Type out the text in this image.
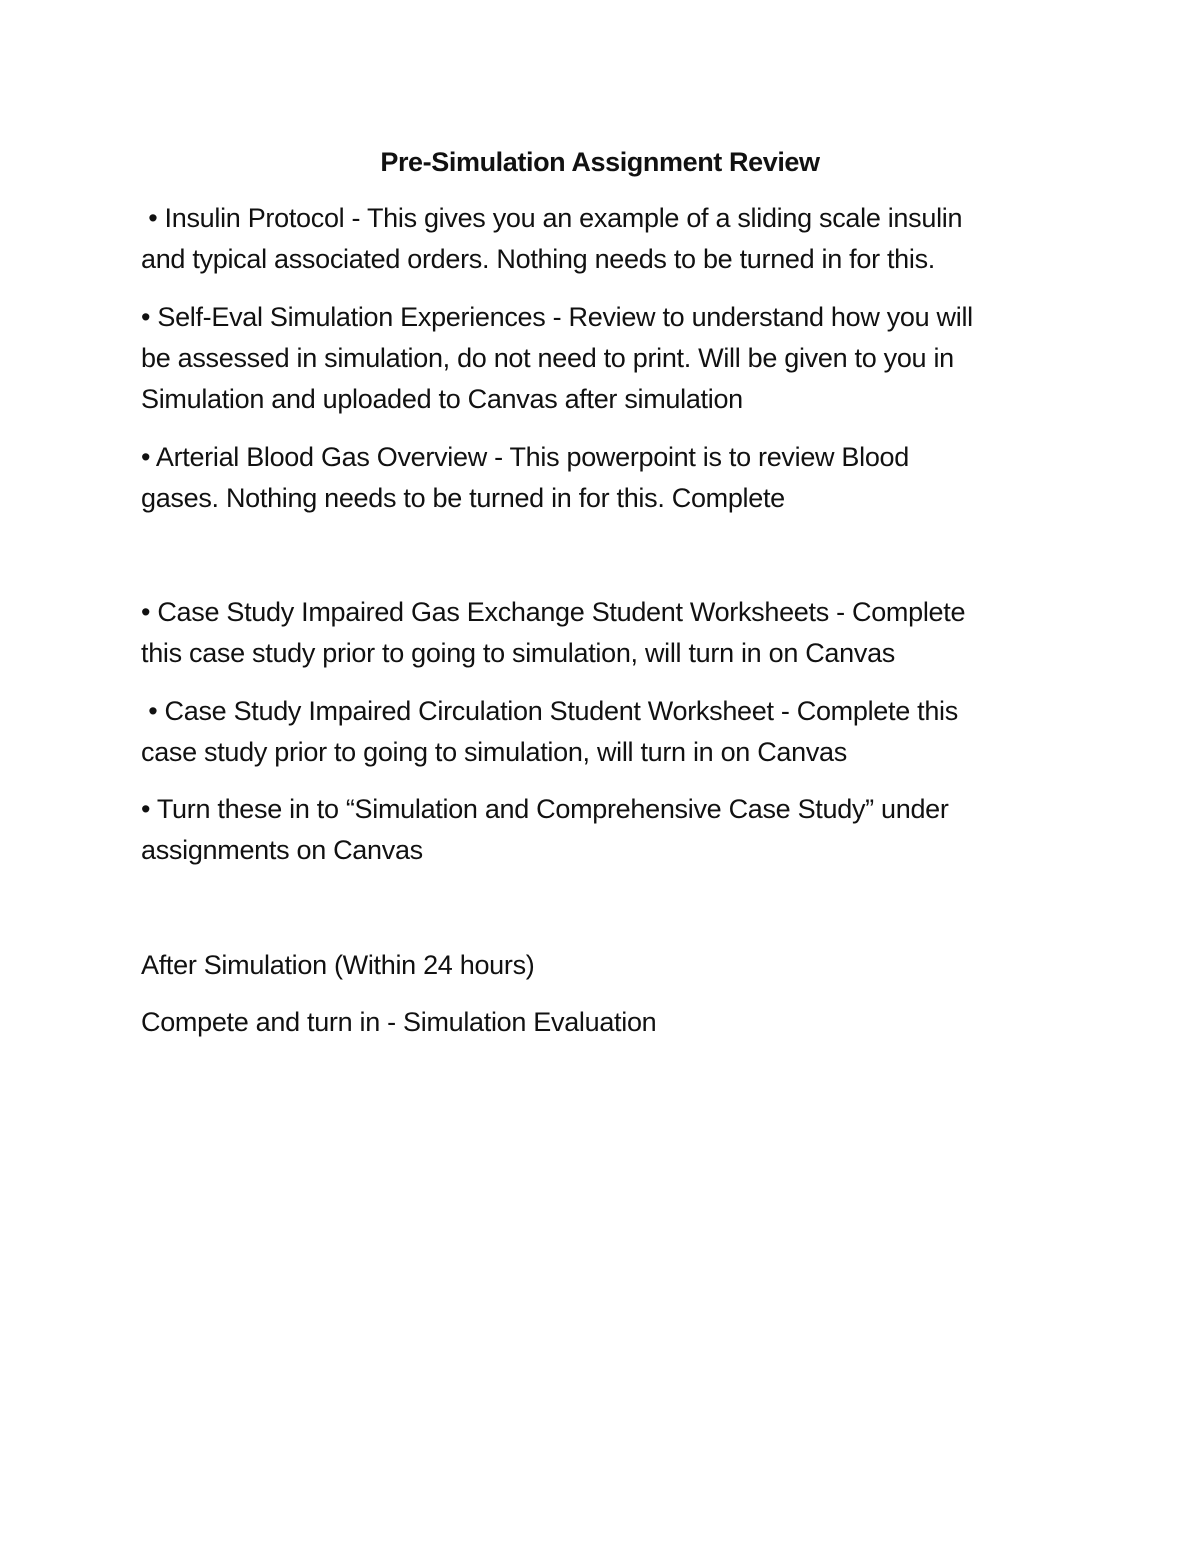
Pre-Simulation Assignment Review
• Insulin Protocol - This gives you an example of a sliding scale insulin
and typical associated orders. Nothing needs to be turned in for this.
• Self-Eval Simulation Experiences - Review to understand how you will
be assessed in simulation, do not need to print. Will be given to you in
Simulation and uploaded to Canvas after simulation
• Arterial Blood Gas Overview - This powerpoint is to review Blood
gases. Nothing needs to be turned in for this. Complete
• Case Study Impaired Gas Exchange Student Worksheets - Complete
this case study prior to going to simulation, will turn in on Canvas
• Case Study Impaired Circulation Student Worksheet - Complete this
case study prior to going to simulation, will turn in on Canvas
• Turn these in to “Simulation and Comprehensive Case Study” under
assignments on Canvas
After Simulation (Within 24 hours)
Compete and turn in - Simulation Evaluation
